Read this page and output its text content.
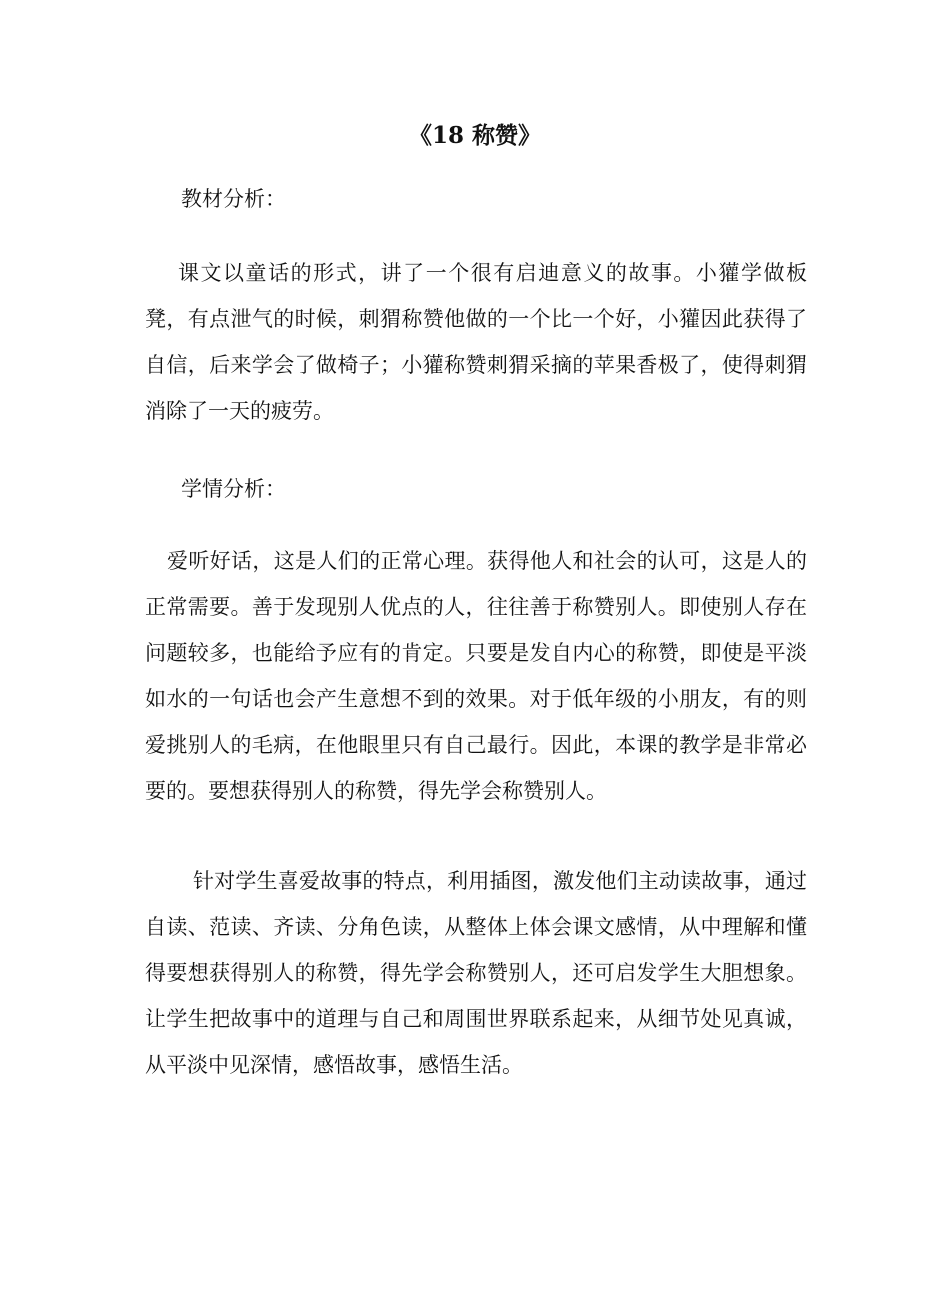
《18 称赞》
教材分析：

课文以童话的形式，讲了一个很有启迪意义的故事。小獾学做板凳，有点泄气的时候，刺猬称赞他做的一个比一个好，小獾因此获得了自信，后来学会了做椅子；小獾称赞刺猬采摘的苹果香极了，使得刺猬消除了一天的疲劳。

学情分析：

爱听好话，这是人们的正常心理。获得他人和社会的认可，这是人的正常需要。善于发现别人优点的人，往往善于称赞别人。即使别人存在问题较多，也能给予应有的肯定。只要是发自内心的称赞，即使是平淡如水的一句话也会产生意想不到的效果。对于低年级的小朋友，有的则爱挑别人的毛病，在他眼里只有自己最行。因此，本课的教学是非常必要的。要想获得别人的称赞，得先学会称赞别人。

针对学生喜爱故事的特点，利用插图，激发他们主动读故事，通过自读、范读、齐读、分角色读，从整体上体会课文感情，从中理解和懂得要想获得别人的称赞，得先学会称赞别人，还可启发学生大胆想象。让学生把故事中的道理与自己和周围世界联系起来，从细节处见真诚，从平淡中见深情，感悟故事，感悟生活。
